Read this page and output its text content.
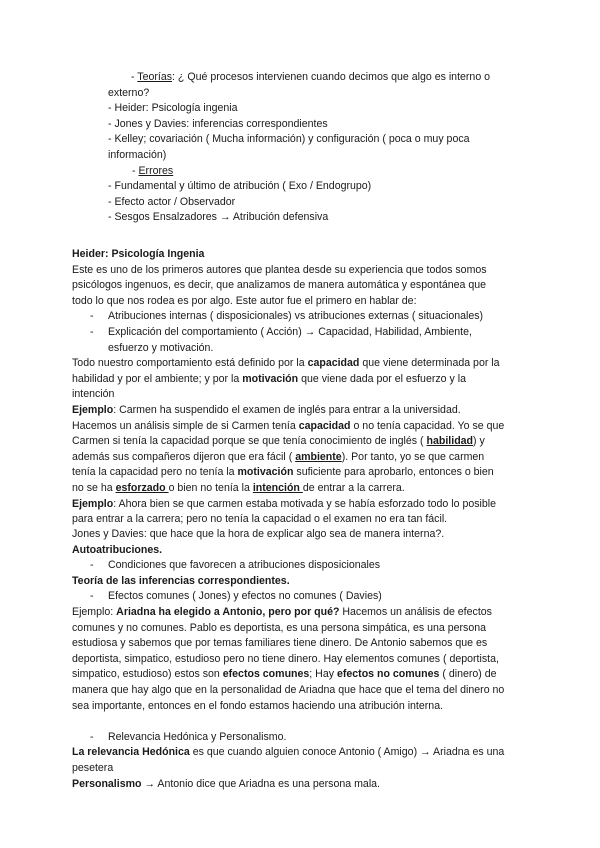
- Teorías: ¿ Qué procesos intervienen cuando decimos que algo es interno o

externo?

- Heider: Psicología ingenia

- Jones y Davies: inferencias correspondientes

- Kelley; covariación ( Mucha información) y configuración ( poca o muy poca

información)

- Errores

- Fundamental y último de atribución ( Exo / Endogrupo)

- Efecto actor / Observador

- Sesgos Ensalzadores → Atribución defensiva

Heider: Psicología Ingenia

Este es uno de los primeros autores que plantea desde su experiencia que todos somos

psicólogos ingenuos, es decir, que analizamos de manera automática y espontánea que

todo lo que nos rodea es por algo. Este autor fue el primero en hablar de:

- Atribuciones internas ( disposicionales) vs atribuciones externas ( situacionales)

- Explicación del comportamiento ( Acción) → Capacidad, Habilidad, Ambiente,

esfuerzo y motivación.

Todo nuestro comportamiento está definido por la capacidad que viene determinada por la

habilidad y por el ambiente; y por la motivación que viene dada por el esfuerzo y la

intención

Ejemplo: Carmen ha suspendido el examen de inglés para entrar a la universidad.

Hacemos un análisis simple de si Carmen tenía capacidad o no tenía capacidad. Yo se que

Carmen si tenía la capacidad porque se que tenía conocimiento de inglés ( habilidad) y

además sus compañeros dijeron que era fácil ( ambiente). Por tanto, yo se que carmen

tenía la capacidad pero no tenía la motivación suficiente para aprobarlo, entonces o bien

no se ha esforzado o bien no tenía la intención de entrar a la carrera.

Ejemplo: Ahora bien se que carmen estaba motivada y se había esforzado todo lo posible

para entrar a la carrera; pero no tenía la capacidad o el examen no era tan fácil.

Jones y Davies: que hace que la hora de explicar algo sea de manera interna?.

Autoatribuciones.

- Condiciones que favorecen a atribuciones disposicionales

Teoría de las inferencias correspondientes.

- Efectos comunes ( Jones) y efectos no comunes ( Davies)

Ejemplo: Ariadna ha elegido a Antonio, pero por qué? Hacemos un análisis de efectos

comunes y no comunes. Pablo es deportista, es una persona simpática, es una persona

estudiosa y sabemos que por temas familiares tiene dinero. De Antonio sabemos que es

deportista, simpatico, estudioso pero no tiene dinero. Hay elementos comunes ( deportista,

simpatico, estudioso) estos son efectos comunes; Hay efectos no comunes ( dinero) de

manera que hay algo que en la personalidad de Ariadna que hace que el tema del dinero no

sea importante, entonces en el fondo estamos haciendo una atribución interna.

- Relevancia Hedónica y Personalismo.

La relevancia Hedónica es que cuando alguien conoce Antonio ( Amigo) → Ariadna es una

pesetera

Personalismo → Antonio dice que Ariadna es una persona mala.
